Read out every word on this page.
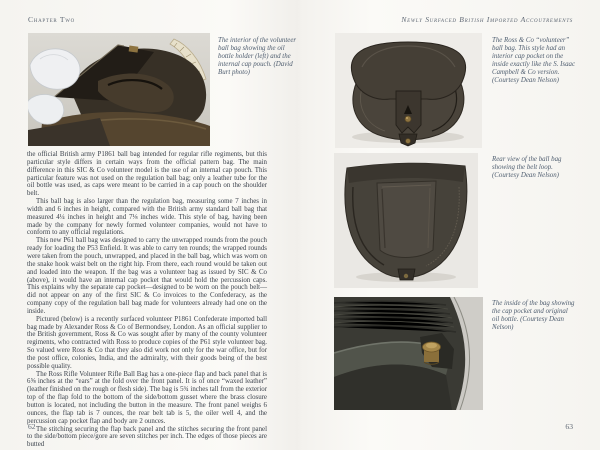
Chapter Two
The interior of the volunteer ball bag showing the oil bottle holder (left) and the internal cap pouch. (David Burt photo)

the official British army P1861 ball bag intended for regular rifle regiments, but this particular style differs in certain ways from the official pattern bag. The main difference in this SIC & Co volunteer model is the use of an internal cap pouch. This particular feature was not used on the regulation ball bag; only a leather tube for the oil bottle was used, as caps were meant to be carried in a cap pouch on the shoulder belt.

This ball bag is also larger than the regulation bag, measuring some 7 inches in width and 6 inches in height, compared with the British army standard ball bag that measured 4¼ inches in height and 7⅛ inches wide. This style of bag, having been made by the company for newly formed volunteer companies, would not have to conform to any official regulations.

This new P61 ball bag was designed to carry the unwrapped rounds from the pouch ready for loading the P53 Enfield. It was able to carry ten rounds; the wrapped rounds were taken from the pouch, unwrapped, and placed in the ball bag, which was worn on the snake hook waist belt on the right hip. From there, each round would be taken out and loaded into the weapon. If the bag was a volunteer bag as issued by SIC & Co (above), it would have an internal cap pocket that would hold the percussion caps. This explains why the separate cap pocket—designed to be worn on the pouch belt—did not appear on any of the first SIC & Co invoices to the Confederacy, as the company copy of the regulation ball bag made for volunteers already had one on the inside.

Pictured (below) is a recently surfaced volunteer P1861 Confederate imported ball bag made by Alexander Ross & Co of Bermondsey, London. As an official supplier to the British government, Ross & Co was sought after by many of the county volunteer regiments, who contracted with Ross to produce copies of the P61 style volunteer bag. So valued were Ross & Co that they also did work not only for the war office, but for the post office, colonies, India, and the admiralty, with their goods being of the best possible quality.

The Ross Rifle Volunteer Rifle Ball Bag has a one-piece flap and back panel that is 6⅝ inches at the “ears” at the fold over the front panel. It is of once “waxed leather” (leather finished on the rough or flesh side). The bag is 5¾ inches tall from the exterior top of the flap fold to the bottom of the side/bottom gusset where the brass closure button is located, not including the button in the measure. The front panel weighs 6 ounces, the flap tab is 7 ounces, the rear belt tab is 5, the oiler well 4, and the percussion cap pocket flap and body are 2 ounces.

The stitching securing the flap back panel and the stitches securing the front panel to the side/bottom piece/gore are seven stitches per inch. The edges of those pieces are butted

62
Newly Surfaced British Imported Accoutrements
The Ross & Co “volunteer” ball bag. This style had an interior cap pocket on the inside exactly like the S. Isaac Campbell & Co version. (Courtesy Dean Nelson)
Rear view of the ball bag showing the belt loop. (Courtesy Dean Nelson)
The inside of the bag showing the cap pocket and original oil bottle. (Courtesy Dean Nelson)
63
